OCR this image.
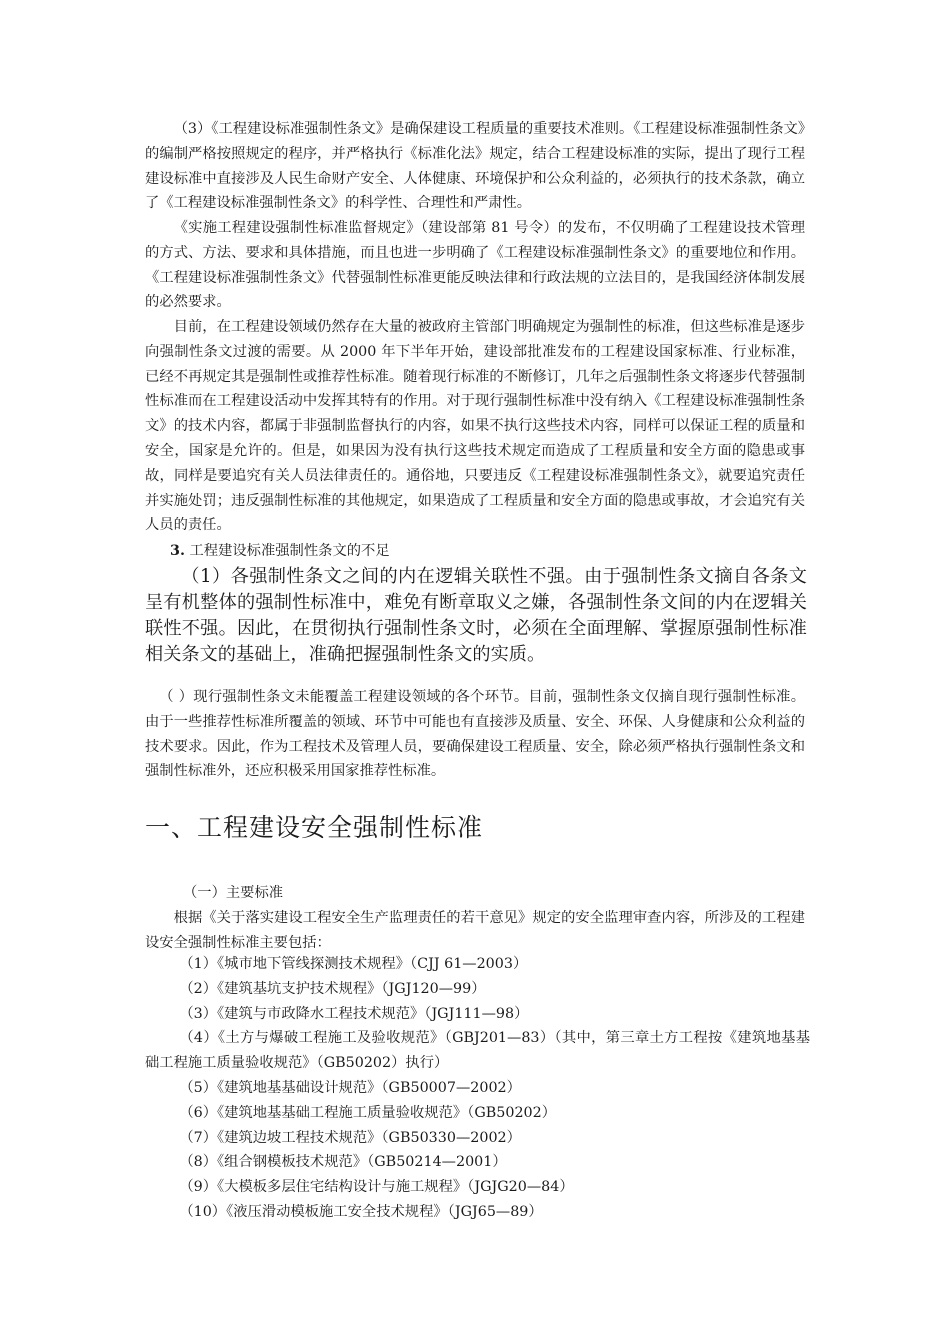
（3）《工程建设标准强制性条文》是确保建设工程质量的重要技术准则。《工程建设标准强制性条文》的编制严格按照规定的程序，并严格执行《标准化法》规定，结合工程建设标准的实际，提出了现行工程建设标准中直接涉及人民生命财产安全、人体健康、环境保护和公众利益的，必须执行的技术条款，确立了《工程建设标准强制性条文》的科学性、合理性和严肃性。

《实施工程建设强制性标准监督规定》（建设部第 81 号令）的发布，不仅明确了工程建设技术管理的方式、方法、要求和具体措施，而且也进一步明确了《工程建设标准强制性条文》的重要地位和作用。《工程建设标准强制性条文》代替强制性标准更能反映法律和行政法规的立法目的，是我国经济体制发展的必然要求。

目前，在工程建设领域仍然存在大量的被政府主管部门明确规定为强制性的标准，但这些标准是逐步向强制性条文过渡的需要。从 2000 年下半年开始，建设部批准发布的工程建设国家标准、行业标准，已经不再规定其是强制性或推荐性标准。随着现行标准的不断修订，几年之后强制性条文将逐步代替强制性标准而在工程建设活动中发挥其特有的作用。对于现行强制性标准中没有纳入《工程建设标准强制性条文》的技术内容，都属于非强制监督执行的内容，如果不执行这些技术内容，同样可以保证工程的质量和安全，国家是允许的。但是，如果因为没有执行这些技术规定而造成了工程质量和安全方面的隐患或事故，同样是要追究有关人员法律责任的。通俗地，只要违反《工程建设标准强制性条文》，就要追究责任并实施处罚；违反强制性标准的其他规定，如果造成了工程质量和安全方面的隐患或事故，才会追究有关人员的责任。

3. 工程建设标准强制性条文的不足

（1）各强制性条文之间的内在逻辑关联性不强。由于强制性条文摘自各条文呈有机整体的强制性标准中，难免有断章取义之嫌，各强制性条文间的内在逻辑关联性不强。因此，在贯彻执行强制性条文时，必须在全面理解、掌握原强制性标准相关条文的基础上，准确把握强制性条文的实质。

（ ）现行强制性条文未能覆盖工程建设领域的各个环节。目前，强制性条文仅摘自现行强制性标准。由于一些推荐性标准所覆盖的领域、环节中可能也有直接涉及质量、安全、环保、人身健康和公众利益的技术要求。因此，作为工程技术及管理人员，要确保建设工程质量、安全，除必须严格执行强制性条文和强制性标准外，还应积极采用国家推荐性标准。

一、工程建设安全强制性标准
（一）主要标准

根据《关于落实建设工程安全生产监理责任的若干意见》规定的安全监理审查内容，所涉及的工程建设安全强制性标准主要包括：

（1）《城市地下管线探测技术规程》（CJJ 61—2003）
（2）《建筑基坑支护技术规程》（JGJ120—99）
（3）《建筑与市政降水工程技术规范》（JGJ111—98）
（4）《土方与爆破工程施工及验收规范》（GBJ201—83）（其中，第三章土方工程按《建筑地基基础工程施工质量验收规范》（GB50202）执行）
（5）《建筑地基基础设计规范》（GB50007—2002）
（6）《建筑地基基础工程施工质量验收规范》（GB50202）
（7）《建筑边坡工程技术规范》（GB50330—2002）
（8）《组合钢模板技术规范》（GB50214—2001）
（9）《大模板多层住宅结构设计与施工规程》（JGJG20—84）
（10）《液压滑动模板施工安全技术规程》（JGJ65—89）
